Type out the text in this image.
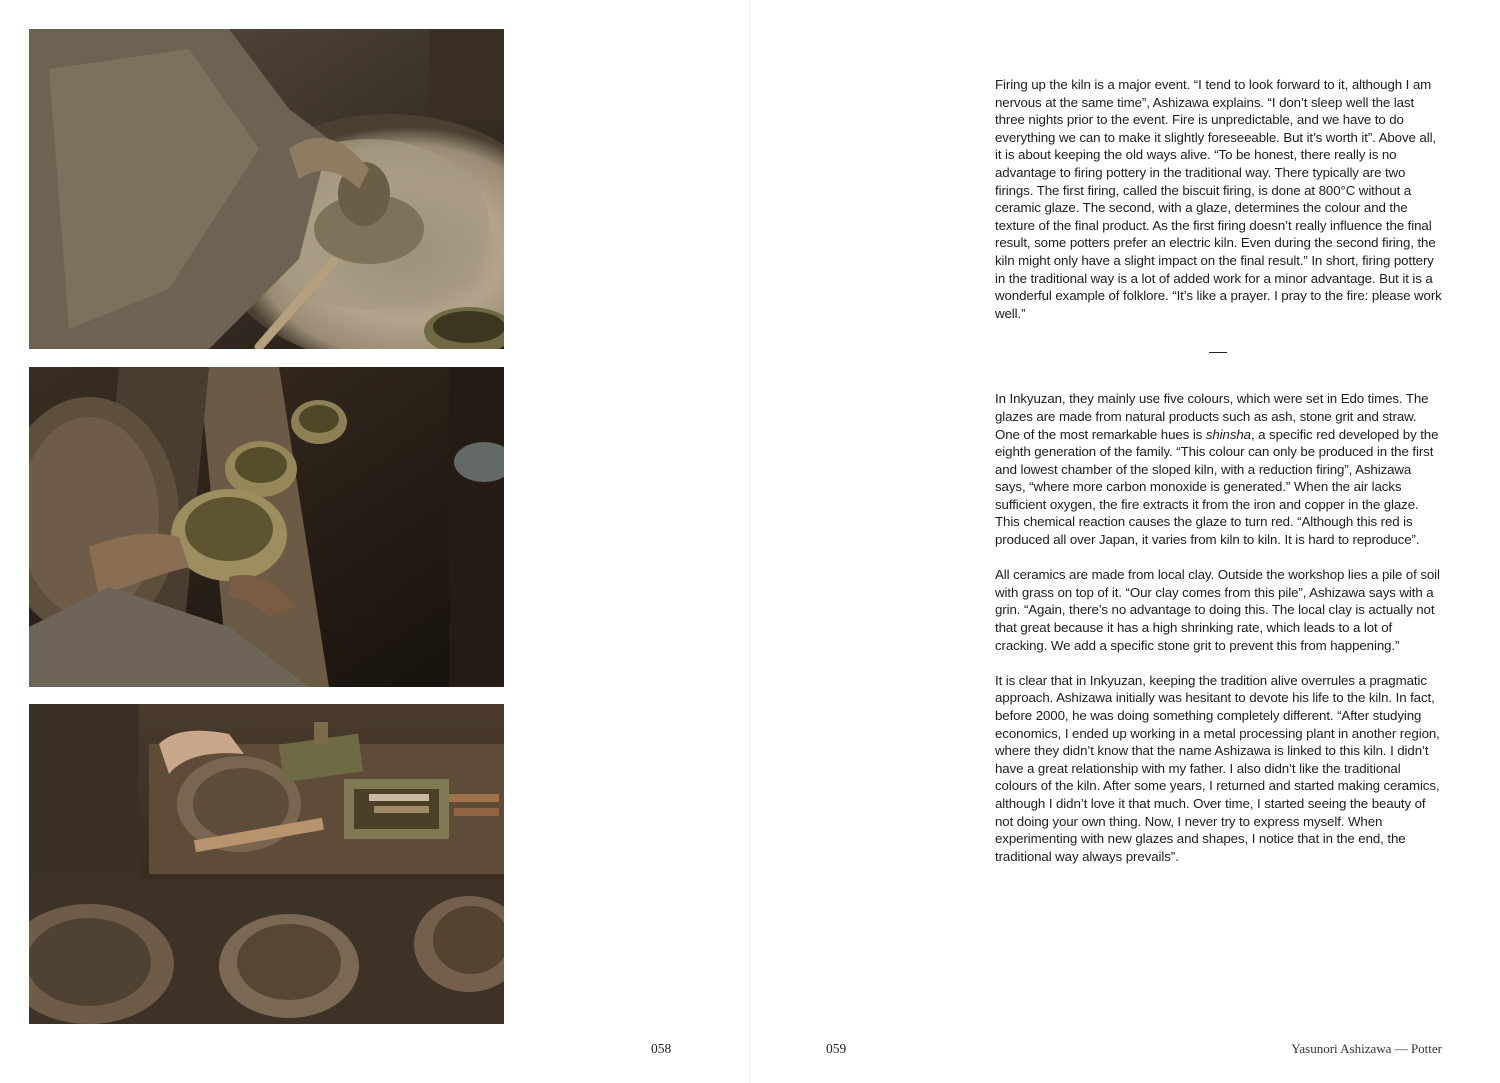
Firing up the kiln is a major event. “I tend to look forward to it, although I am nervous at the same time”, Ashizawa explains. “I don’t sleep well the last three nights prior to the event. Fire is unpredictable, and we have to do everything we can to make it slightly foreseeable. But it’s worth it”. Above all, it is about keeping the old ways alive. “To be honest, there really is no advantage to firing pottery in the traditional way. There typically are two firings. The first firing, called the biscuit firing, is done at 800°C without a ceramic glaze. The second, with a glaze, determines the colour and the texture of the final product. As the first firing doesn’t really influence the final result, some potters prefer an electric kiln. Even during the second firing, the kiln might only have a slight impact on the final result.” In short, firing pottery in the traditional way is a lot of added work for a minor advantage. But it is a wonderful example of folklore. “It’s like a prayer. I pray to the fire: please work well.”

In Inkyuzan, they mainly use five colours, which were set in Edo times. The glazes are made from natural products such as ash, stone grit and straw. One of the most remarkable hues is shinsha, a specific red developed by the eighth generation of the family. “This colour can only be produced in the first and lowest chamber of the sloped kiln, with a reduction firing”, Ashizawa says, “where more carbon monoxide is generated.” When the air lacks sufficient oxygen, the fire extracts it from the iron and copper in the glaze. This chemical reaction causes the glaze to turn red. “Although this red is produced all over Japan, it varies from kiln to kiln. It is hard to reproduce”.

All ceramics are made from local clay. Outside the workshop lies a pile of soil with grass on top of it. “Our clay comes from this pile”, Ashizawa says with a grin. “Again, there’s no advantage to doing this. The local clay is actually not that great because it has a high shrinking rate, which leads to a lot of cracking. We add a specific stone grit to prevent this from happening.”

It is clear that in Inkyuzan, keeping the tradition alive overrules a pragmatic approach. Ashizawa initially was hesitant to devote his life to the kiln. In fact, before 2000, he was doing something completely different. “After studying economics, I ended up working in a metal processing plant in another region, where they didn’t know that the name Ashizawa is linked to this kiln. I didn’t have a great relationship with my father. I also didn’t like the traditional colours of the kiln. After some years, I returned and started making ceramics, although I didn’t love it that much. Over time, I started seeing the beauty of not doing your own thing. Now, I never try to express myself. When experimenting with new glazes and shapes, I notice that in the end, the traditional way always prevails”.

058	059	Yasunori Ashizawa — Potter
